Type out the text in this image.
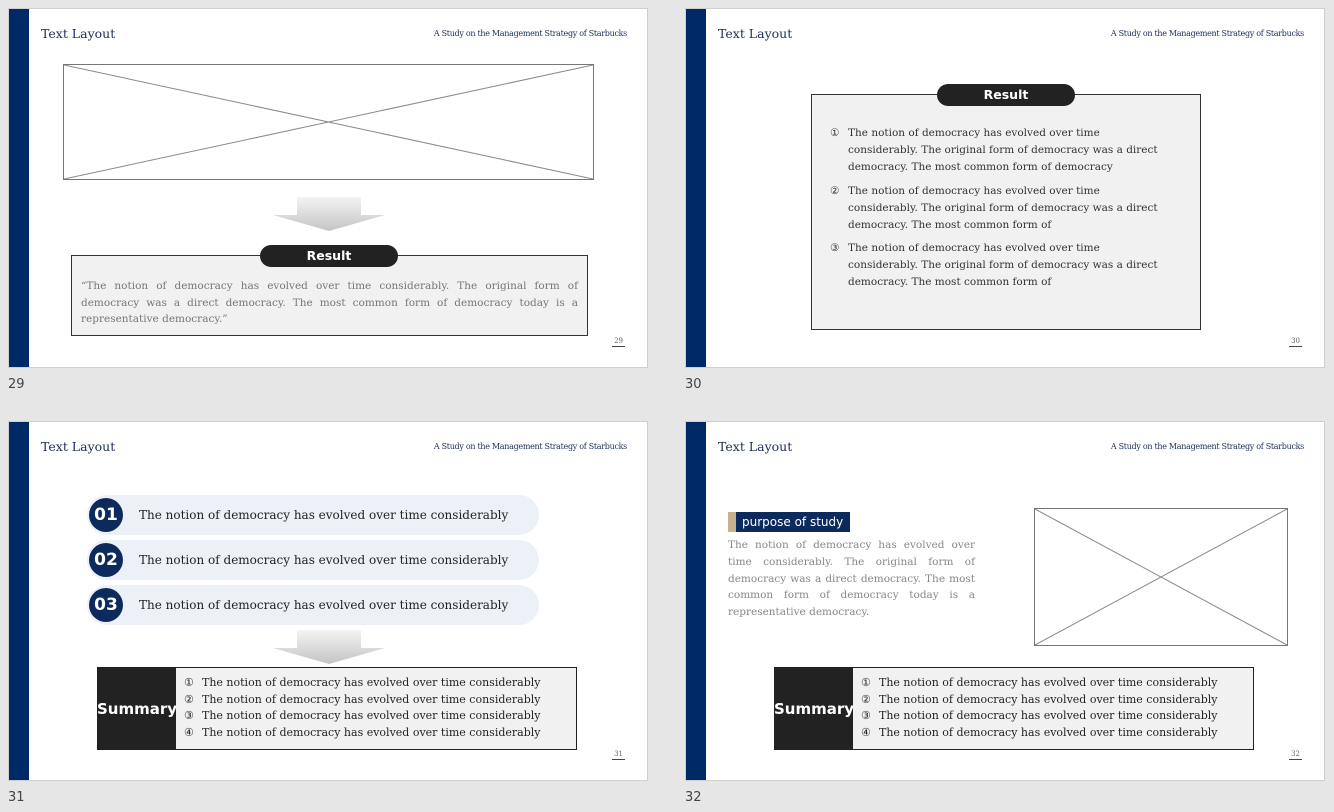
Text Layout	A Study on the Management Strategy of Starbucks
“The notion of democracy has evolved over time considerably. The original form of democracy was a direct democracy. The most common form of democracy today is a representative democracy.”
Result
29
29
Text Layout	A Study on the Management Strategy of Starbucks
① The notion of democracy has evolved over time considerably. The original form of democracy was a direct democracy. The most common form of democracy
② The notion of democracy has evolved over time considerably. The original form of democracy was a direct democracy. The most common form of
③ The notion of democracy has evolved over time considerably. The original form of democracy was a direct democracy. The most common form of
Result
30
30
Text Layout	A Study on the Management Strategy of Starbucks
01	The notion of democracy has evolved over time considerably
02	The notion of democracy has evolved over time considerably
03	The notion of democracy has evolved over time considerably
Summary
① The notion of democracy has evolved over time considerably
② The notion of democracy has evolved over time considerably
③ The notion of democracy has evolved over time considerably
④ The notion of democracy has evolved over time considerably
31
31
Text Layout	A Study on the Management Strategy of Starbucks
purpose of study
The notion of democracy has evolved over time considerably. The original form of democracy was a direct democracy. The most common form of democracy today is a representative democracy.
Summary
① The notion of democracy has evolved over time considerably
② The notion of democracy has evolved over time considerably
③ The notion of democracy has evolved over time considerably
④ The notion of democracy has evolved over time considerably
32
32
